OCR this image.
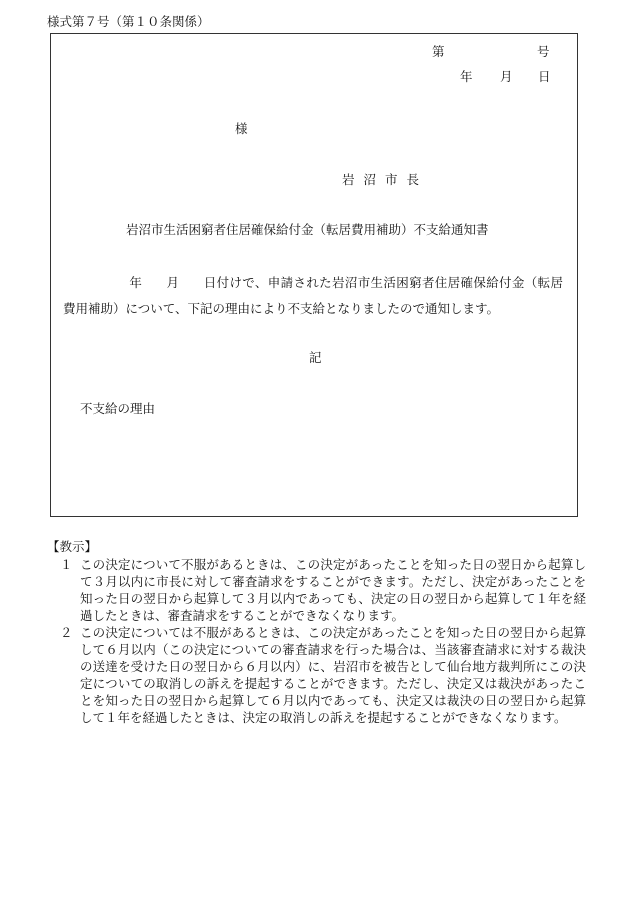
様式第７号（第１０条関係）
第	号
年 月 日
様
岩沼市長
岩沼市生活困窮者住居確保給付金（転居費用補助）不支給通知書
年 月 日付けで、申請された岩沼市生活困窮者住居確保給付金（転居費用補助）について、下記の理由により不支給となりましたので通知します。
記
不支給の理由
【教示】
１ この決定について不服があるときは、この決定があったことを知った日の翌日から起算して３月以内に市長に対して審査請求をすることができます。ただし、決定があったことを知った日の翌日から起算して３月以内であっても、決定の日の翌日から起算して１年を経過したときは、審査請求をすることができなくなります。
２ この決定については不服があるときは、この決定があったことを知った日の翌日から起算して６月以内（この決定についての審査請求を行った場合は、当該審査請求に対する裁決の送達を受けた日の翌日から６月以内）に、岩沼市を被告として仙台地方裁判所にこの決定についての取消しの訴えを提起することができます。ただし、決定又は裁決があったことを知った日の翌日から起算して６月以内であっても、決定又は裁決の日の翌日から起算して１年を経過したときは、決定の取消しの訴えを提起することができなくなります。
